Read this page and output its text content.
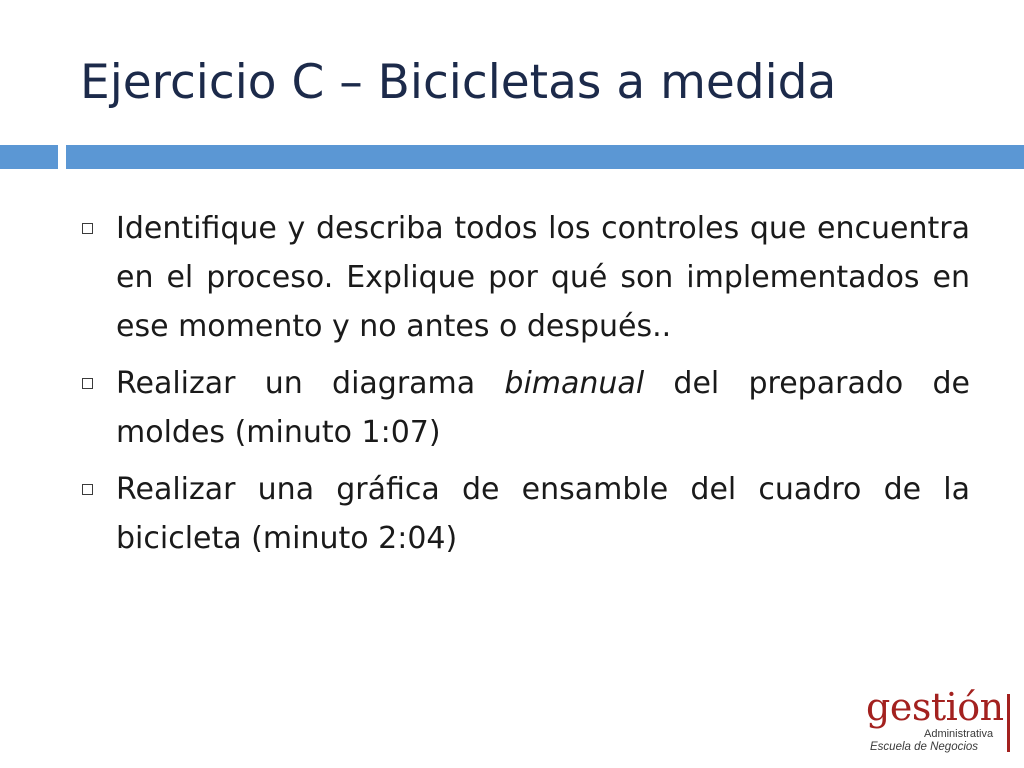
Ejercicio C – Bicicletas a medida
Identifique y describa todos los controles que encuentra en el proceso. Explique por qué son implementados en ese momento y no antes o después..
Realizar un diagrama bimanual del preparado de moldes (minuto 1:07)
Realizar una gráfica de ensamble del cuadro de la bicicleta (minuto 2:04)
gestión
Administrativa
Escuela de Negocios
